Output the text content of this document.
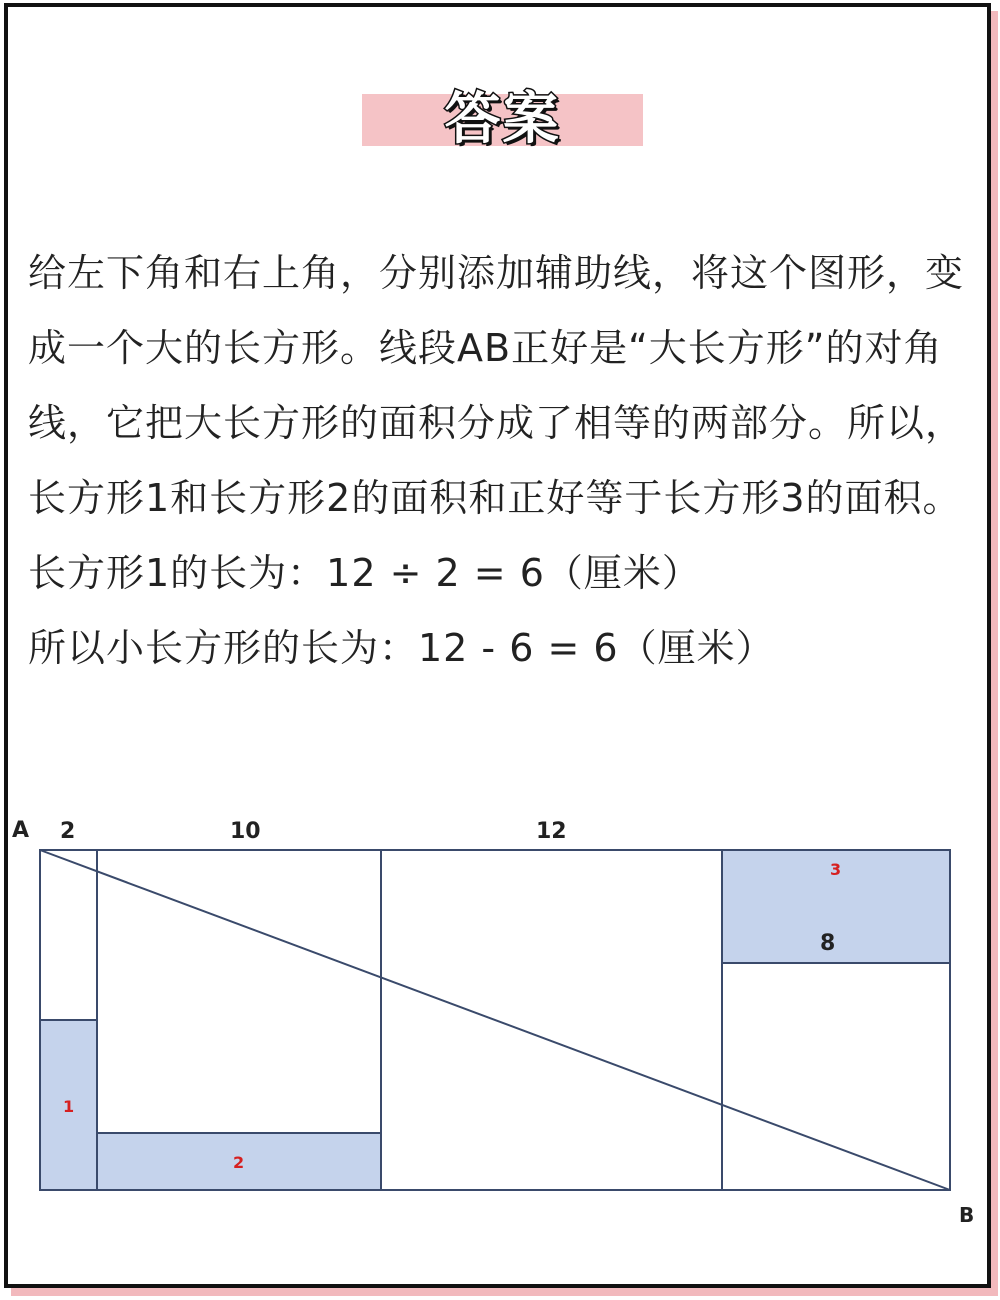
答案

给左下角和右上角，分别添加辅助线，将这个图形，变成一个大的长方形。线段AB正好是“大长方形”的对角线，它把大长方形的面积分成了相等的两部分。所以，长方形1和长方形2的面积和正好等于长方形3的面积。

长方形1的长为：12 ÷ 2 = 6（厘米）

所以小长方形的长为：12 - 6 = 6（厘米）

A
B
2	10	12
8
1
2
3
